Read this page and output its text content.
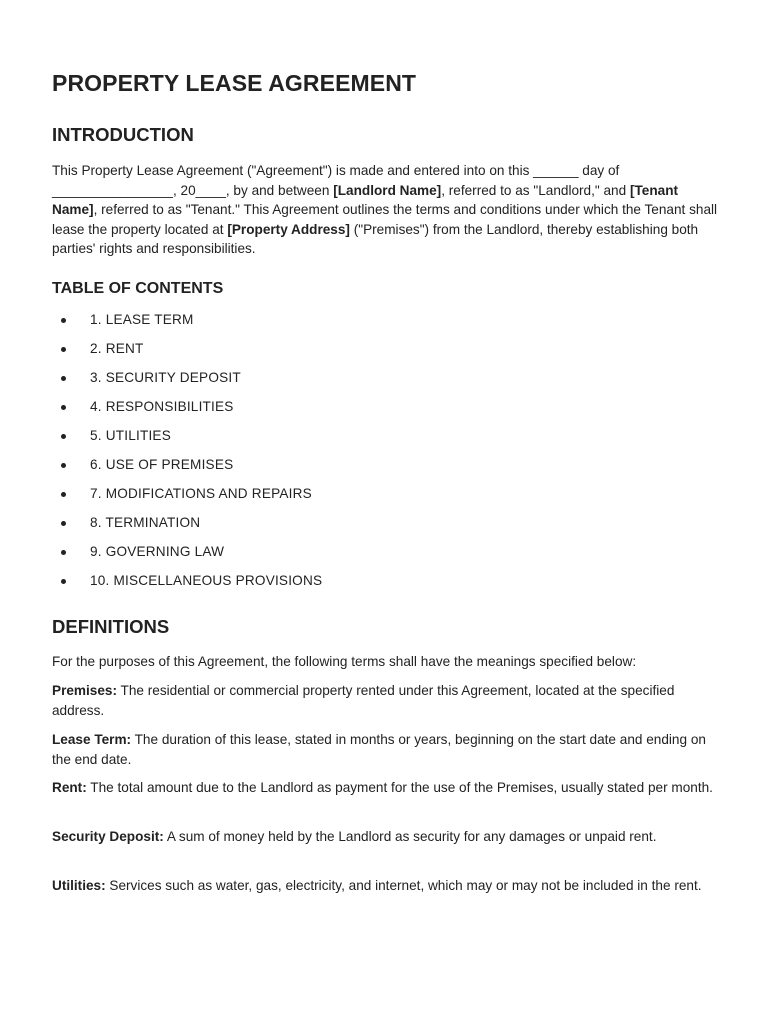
PROPERTY LEASE AGREEMENT
INTRODUCTION

This Property Lease Agreement ("Agreement") is made and entered into on this ______ day of ________________, 20____, by and between [Landlord Name], referred to as "Landlord," and [Tenant Name], referred to as "Tenant." This Agreement outlines the terms and conditions under which the Tenant shall lease the property located at [Property Address] ("Premises") from the Landlord, thereby establishing both parties' rights and responsibilities.

TABLE OF CONTENTS
1. LEASE TERM
2. RENT
3. SECURITY DEPOSIT
4. RESPONSIBILITIES
5. UTILITIES
6. USE OF PREMISES
7. MODIFICATIONS AND REPAIRS
8. TERMINATION
9. GOVERNING LAW
10. MISCELLANEOUS PROVISIONS
DEFINITIONS

For the purposes of this Agreement, the following terms shall have the meanings specified below:

Premises: The residential or commercial property rented under this Agreement, located at the specified address.

Lease Term: The duration of this lease, stated in months or years, beginning on the start date and ending on the end date.

Rent: The total amount due to the Landlord as payment for the use of the Premises, usually stated per month.

Security Deposit: A sum of money held by the Landlord as security for any damages or unpaid rent.

Utilities: Services such as water, gas, electricity, and internet, which may or may not be included in the rent.
